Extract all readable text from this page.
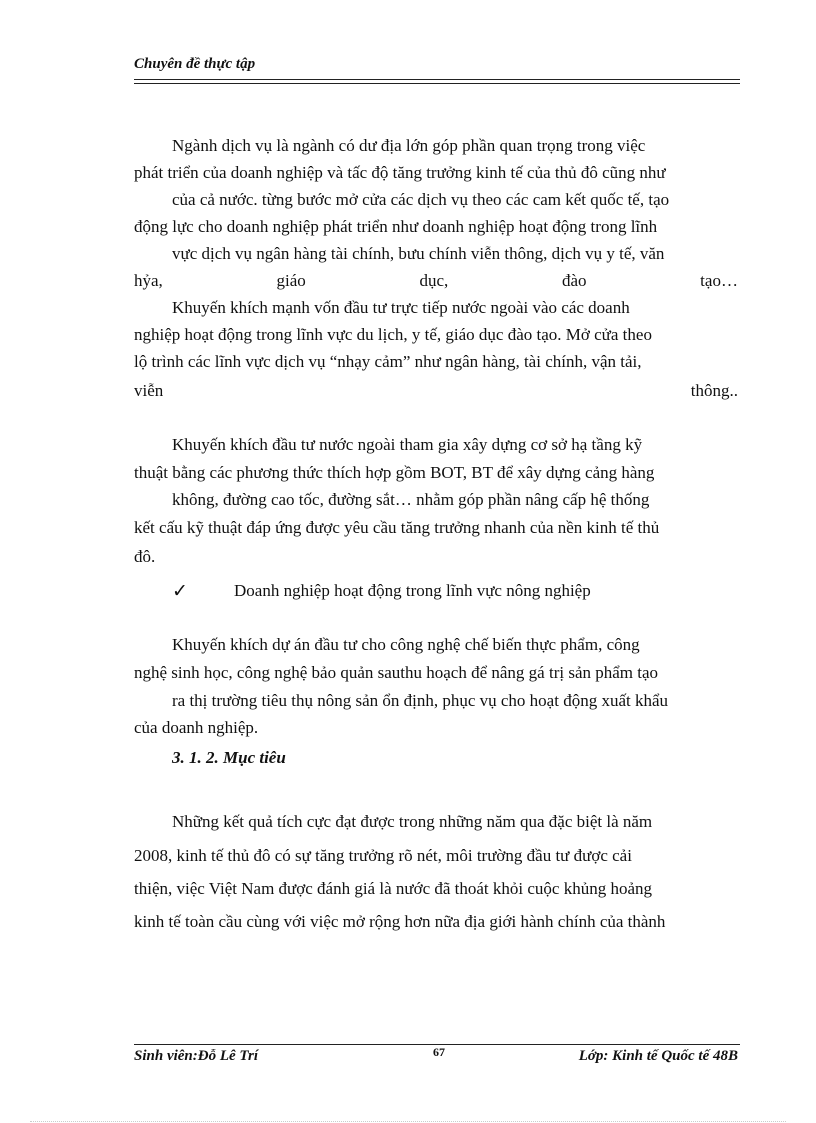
Chuyên đề thực tập
Ngành dịch vụ là ngành có dư địa lớn góp phần quan trọng trong việc
phát triển của doanh nghiệp và tấc độ tăng trưởng kinh tế của thủ đô cũng như
của cả nước. từng bước mở cửa các dịch vụ theo các cam kết quốc tế, tạo
động lực cho doanh nghiệp phát triển như doanh nghiệp hoạt động trong lĩnh
vực dịch vụ ngân hàng tài chính, bưu chính viễn thông, dịch vụ y tế, văn
hỷa,	giáo	dục,	đào	tạo…
Khuyến khích mạnh vốn đầu tư trực tiếp nước ngoài vào các doanh
nghiệp hoạt động trong lĩnh vực du lịch, y tế, giáo dục đào tạo. Mở cửa theo
lộ trình các lĩnh vực dịch vụ “nhạy cảm” như ngân hàng, tài chính, vận tải,
viễn	thông..
Khuyến khích đầu tư nước ngoài tham gia xây dựng cơ sở hạ tầng kỹ
thuật bằng các phương thức thích hợp gồm BOT, BT để xây dựng cảng hàng
không, đường cao tốc, đường sắt… nhằm góp phần nâng cấp hệ thống
kết cấu kỹ thuật đáp ứng được yêu cầu tăng trưởng nhanh của nền kinh tế thủ
đô.
✓	Doanh nghiệp hoạt động trong lĩnh vực nông nghiệp
Khuyến khích dự án đầu tư cho công nghệ chế biến thực phẩm, công
nghệ sinh học, công nghệ bảo quản sauthu hoạch để nâng gá trị sản phẩm tạo
ra thị trường tiêu thụ nông sản ổn định, phục vụ cho hoạt động xuất khẩu
của doanh nghiệp.
3. 1. 2. Mục tiêu
Những kết quả tích cực đạt được trong những năm qua đặc biệt là năm
2008, kinh tế thủ đô có sự tăng trưởng rõ nét, môi trường đầu tư được cải
thiện, việc Việt Nam được đánh giá là nước đã thoát khỏi cuộc khủng hoảng
kinh tế toàn cầu cùng với việc mở rộng hơn nữa địa giới hành chính của thành
Sinh viên:Đỗ Lê Trí	67	Lớp: Kinh tế Quốc tế 48B
